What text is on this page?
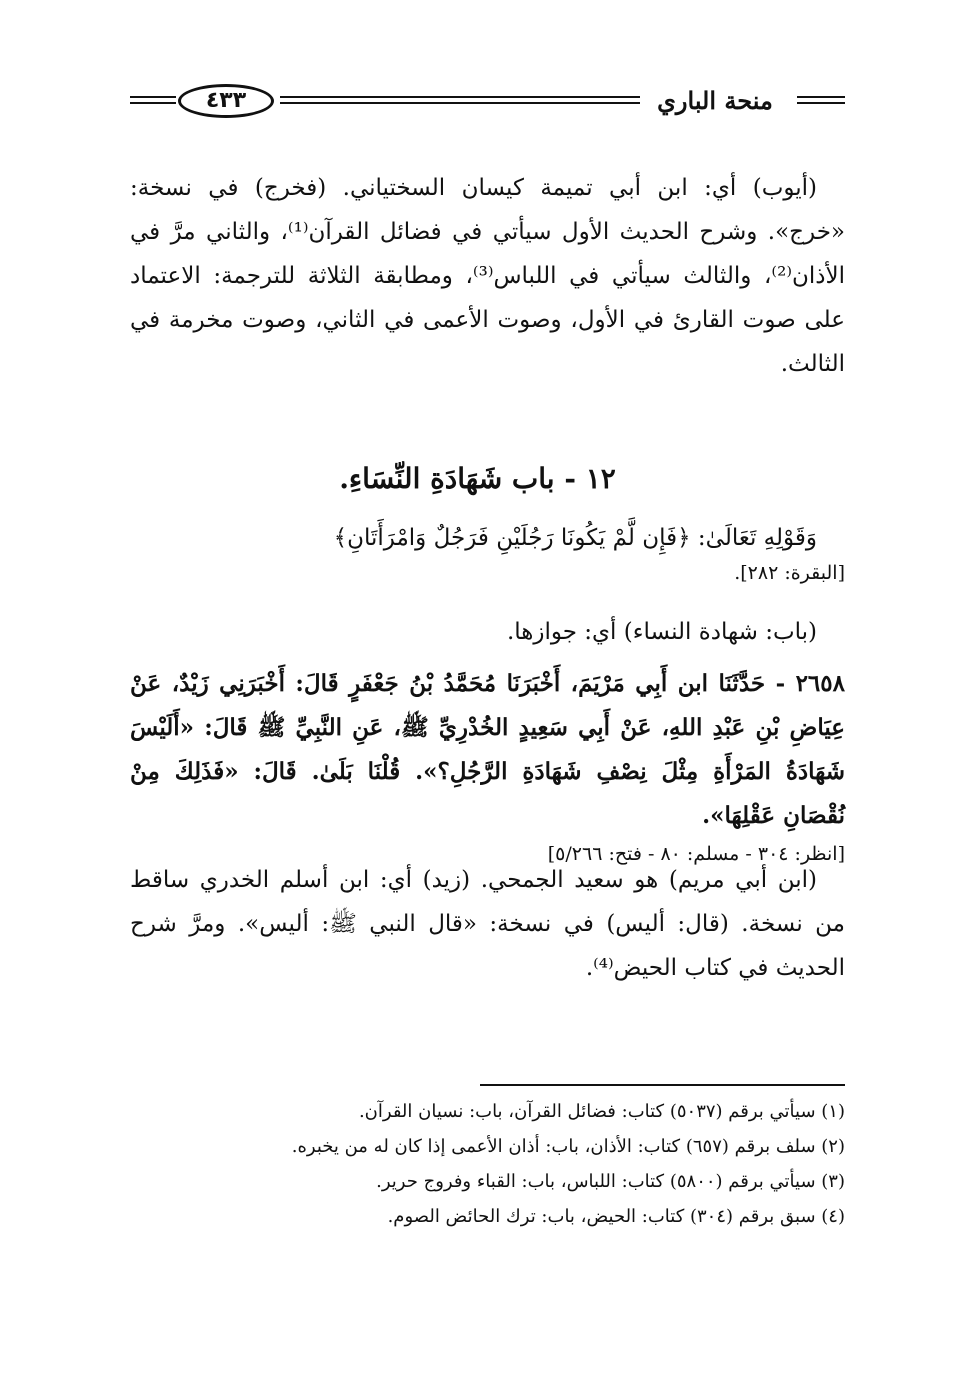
منحة الباري
٤٣٣

(أيوب) أي: ابن أبي تميمة كيسان السختياني. (فخرج) في نسخة: «خرج». وشرح الحديث الأول سيأتي في فضائل القرآن⁽¹⁾، والثاني مرَّ في الأذان⁽²⁾، والثالث سيأتي في اللباس⁽³⁾، ومطابقة الثلاثة للترجمة: الاعتماد على صوت القارئ في الأول، وصوت الأعمى في الثاني، وصوت مخرمة في الثالث.

١٢ - باب شَهَادَةِ النِّسَاءِ.

وَقَوْلِهِ تَعَالَىٰ: ﴿فَإِن لَّمْ يَكُونَا رَجُلَيْنِ فَرَجُلٌ وَامْرَأَتَانِ﴾

[البقرة: ٢٨٢].

(باب: شهادة النساء) أي: جوازها.

٢٦٥٨ - حَدَّثَنَا ابن أَبِي مَرْيَمَ، أَخْبَرَنَا مُحَمَّدُ بْنُ جَعْفَرٍ قَالَ: أَخْبَرَنِي زَيْدٌ، عَنْ عِيَاضِ بْنِ عَبْدِ اللهِ، عَنْ أَبِي سَعِيدٍ الخُدْرِيِّ ﷺ، عَنِ النَّبِيِّ ﷺ قَالَ: «أَلَيْسَ شَهَادَةُ المَرْأَةِ مِثْلَ نِصْفِ شَهَادَةِ الرَّجُلِ؟». قُلْنَا بَلَىٰ. قَالَ: «فَذَلِكَ مِنْ نُقْصَانِ عَقْلِهَا».

[انظر: ٣٠٤ - مسلم: ٨٠ - فتح: ٥/٢٦٦]

(ابن أبي مريم) هو سعيد الجمحي. (زيد) أي: ابن أسلم الخدري ساقط من نسخة. (قال: أليس) في نسخة: «قال النبي ﷺ: أليس». ومرَّ شرح الحديث في كتاب الحيض⁽⁴⁾.

(١) سيأتي برقم (٥٠٣٧) كتاب: فضائل القرآن، باب: نسيان القرآن.

(٢) سلف برقم (٦٥٧) كتاب: الأذان، باب: أذان الأعمى إذا كان له من يخبره.

(٣) سيأتي برقم (٥٨٠٠) كتاب: اللباس، باب: القباء وفروج حرير.

(٤) سبق برقم (٣٠٤) كتاب: الحيض، باب: ترك الحائض الصوم.
